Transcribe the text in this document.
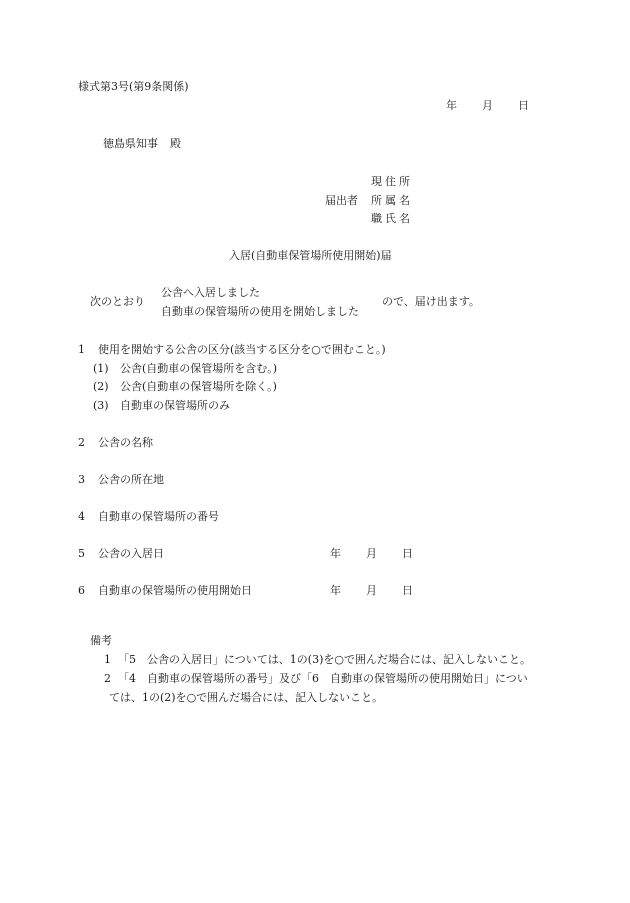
様式第3号(第9条関係)
年 月 日
徳島県知事 殿
届出者
現住所
所属名
職氏名
入居(自動車保管場所使用開始)届
次のとおり
公舎へ入居しました
自動車の保管場所の使用を開始しました
ので、届け出ます。
1 使用を開始する公舎の区分(該当する区分を○で囲むこと。)
(1) 公舎(自動車の保管場所を含む。)
(2) 公舎(自動車の保管場所を除く。)
(3) 自動車の保管場所のみ
2 公舎の名称
3 公舎の所在地
4 自動車の保管場所の番号
5 公舎の入居日	年 月 日
6 自動車の保管場所の使用開始日	年 月 日
備考
1 「5　公舎の入居日」については、1の(3)を○で囲んだ場合には、記入しないこと。
2 「4　自動車の保管場所の番号」及び「6　自動車の保管場所の使用開始日」につい
ては、1の(2)を○で囲んだ場合には、記入しないこと。
